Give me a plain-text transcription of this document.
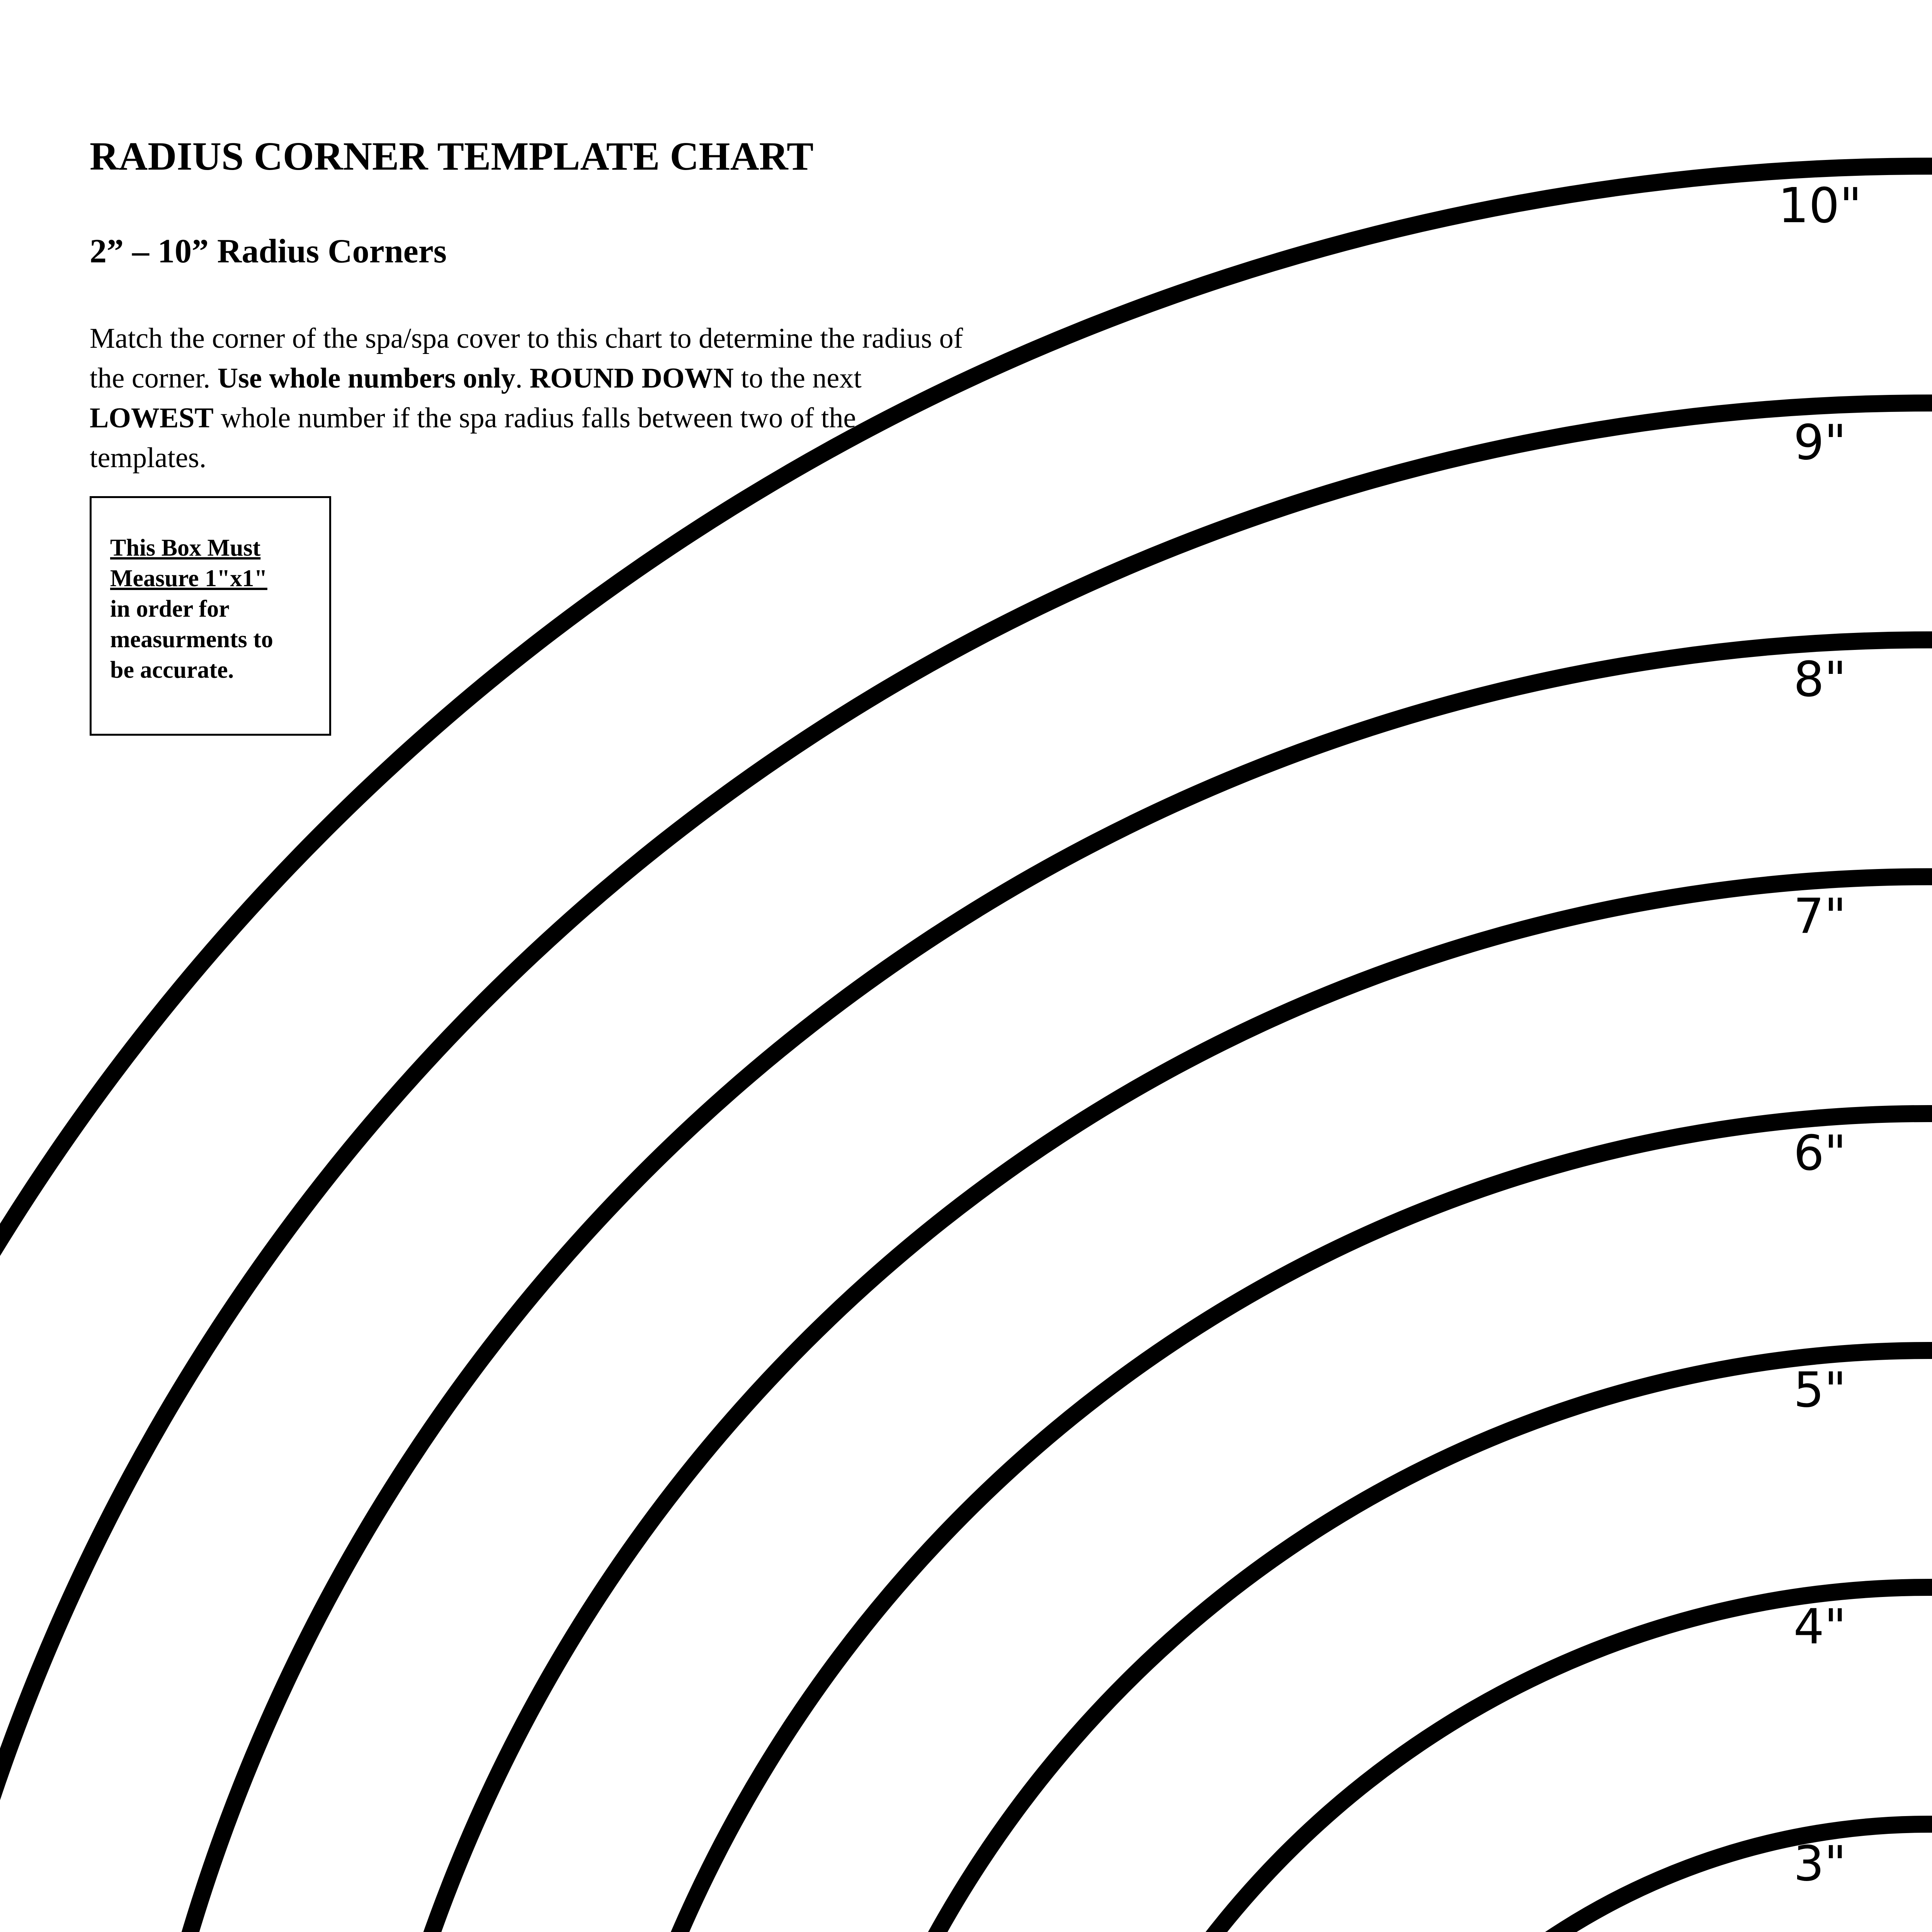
RADIUS CORNER TEMPLATE CHART
2” – 10” Radius Corners

Match the corner of the spa/spa cover to this chart to determine the radius of the corner. Use whole numbers only. ROUND DOWN to the next LOWEST whole number if the spa radius falls between two of the templates.

This Box Must
Measure 1"x1"
in order for
measurments to
be accurate.
10"
9"
8"
7"
6"
5"
4"
3"
